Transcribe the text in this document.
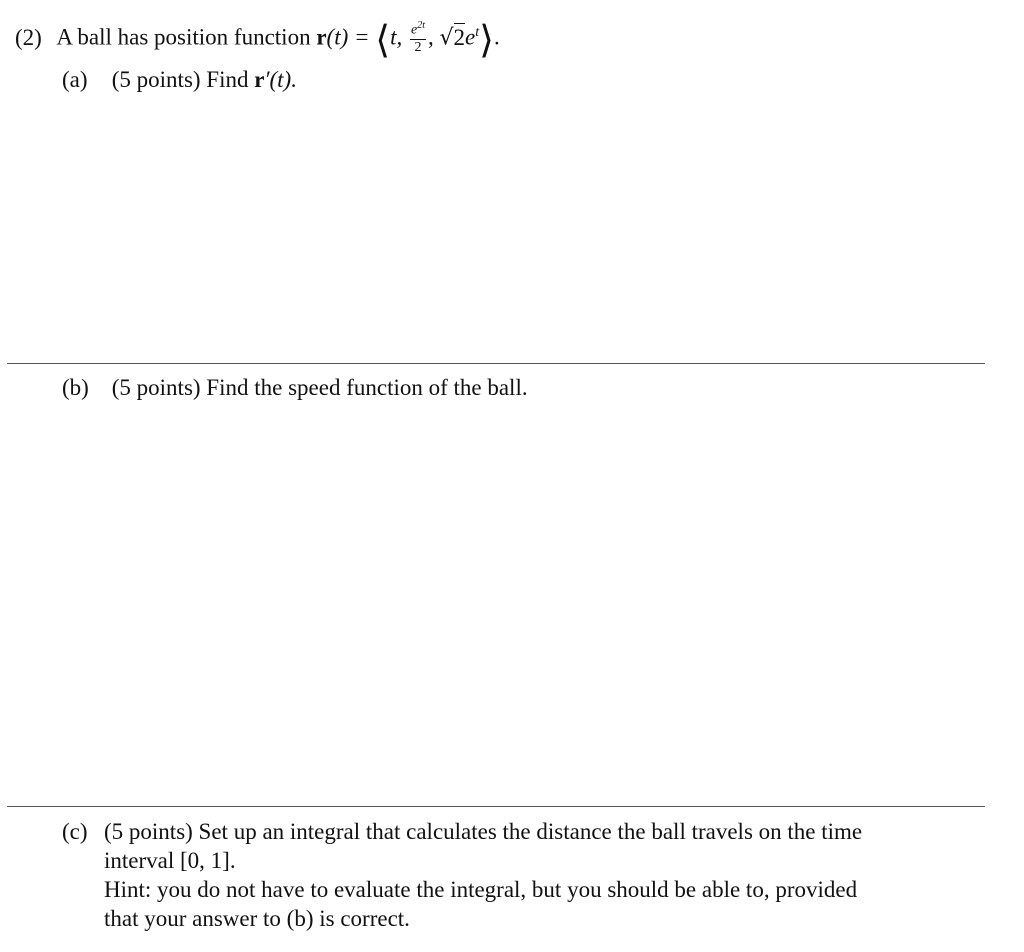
(2) A ball has position function r(t) = ⟨t, $\frac{e^{2t}}{2}$ , $√2e^t⟩$.
(a) (5 points) Find r′(t).
(b) (5 points) Find the speed function of the ball.
(c) (5 points) Set up an integral that calculates the distance the ball travels on the time
interval [0, 1].
Hint: you do not have to evaluate the integral, but you should be able to, provided
that your answer to (b) is correct.
